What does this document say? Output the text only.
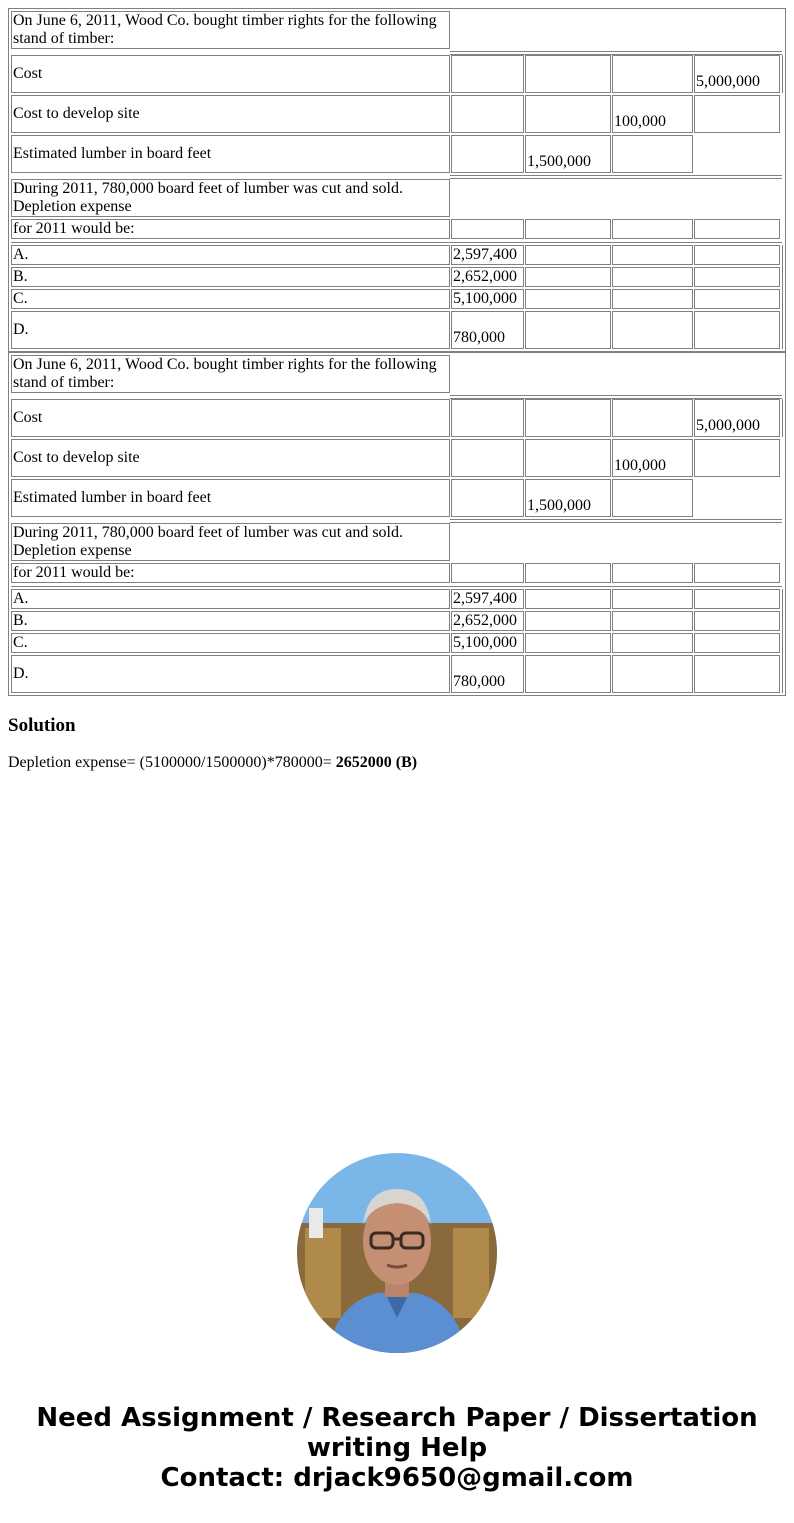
On June 6, 2011, Wood Co. bought timber rights for the following stand of timber:
Cost	5,000,000
Cost to develop site	100,000
Estimated lumber in board feet	1,500,000
During 2011, 780,000 board feet of lumber was cut and sold. Depletion expense
for 2011 would be:
A.	2,597,400
B.	2,652,000
C.	5,100,000
D.	780,000
On June 6, 2011, Wood Co. bought timber rights for the following stand of timber:
Cost	5,000,000
Cost to develop site	100,000
Estimated lumber in board feet	1,500,000
During 2011, 780,000 board feet of lumber was cut and sold. Depletion expense
for 2011 would be:
A.	2,597,400
B.	2,652,000
C.	5,100,000
D.	780,000
Solution
Depletion expense= (5100000/1500000)*780000= 2652000 (B)
Need Assignment / Research Paper / Dissertation
writing Help
Contact: drjack9650@gmail.com
